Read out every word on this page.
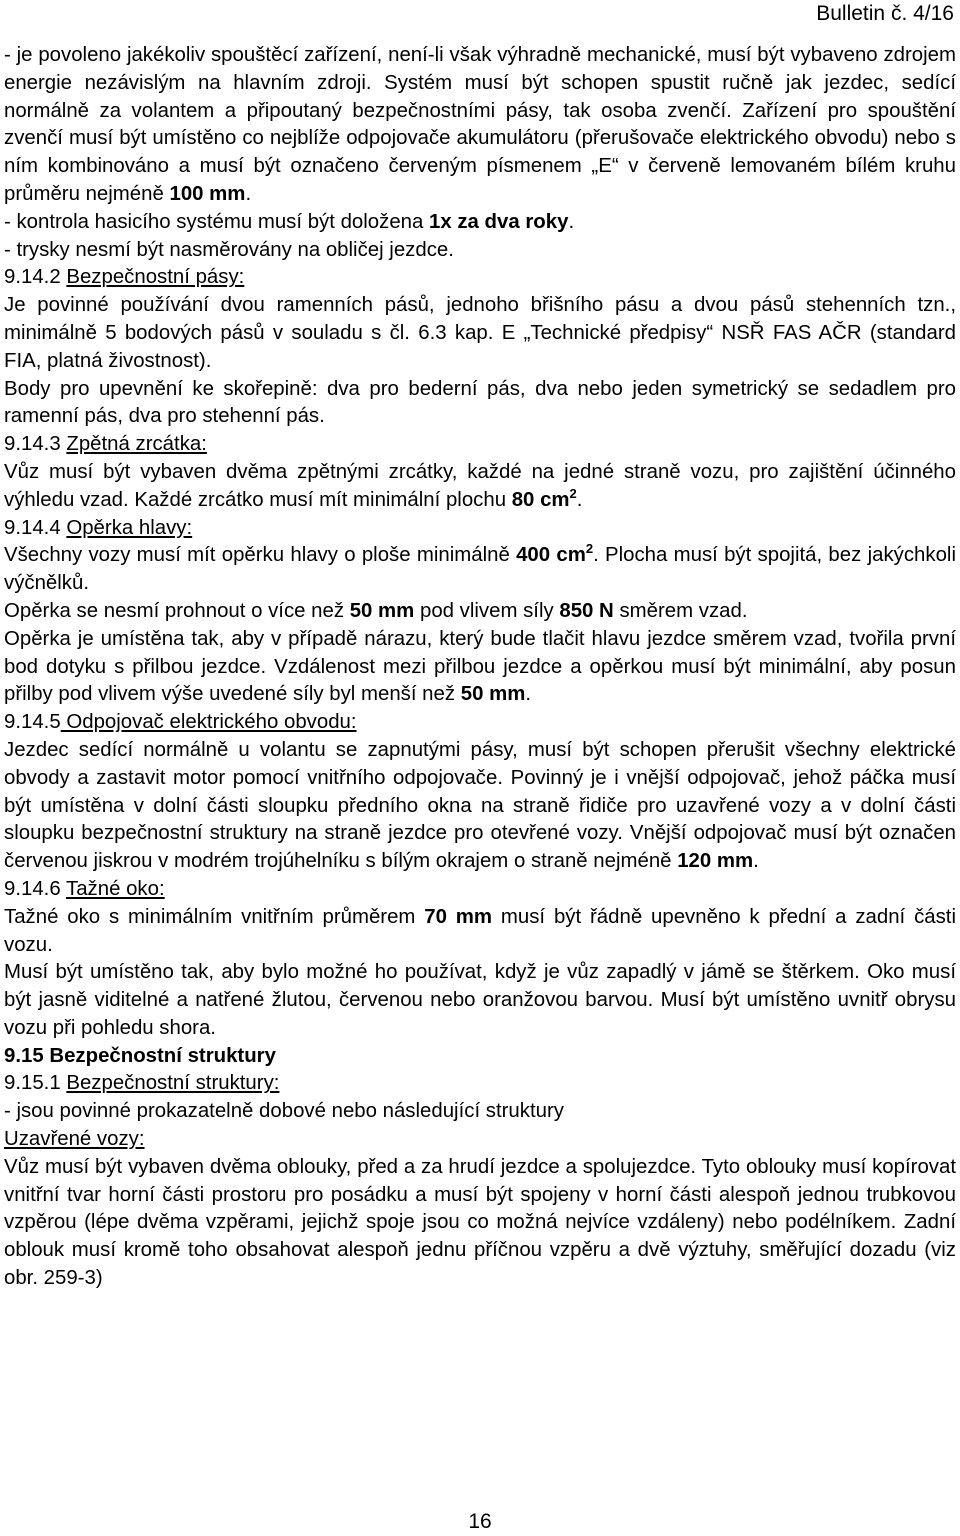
Bulletin č. 4/16

- je povoleno jakékoliv spouštěcí zařízení, není-li však výhradně mechanické, musí být vybaveno zdrojem energie nezávislým na hlavním zdroji. Systém musí být schopen spustit ručně jak jezdec, sedící normálně za volantem a připoutaný bezpečnostními pásy, tak osoba zvenčí. Zařízení pro spouštění zvenčí musí být umístěno co nejblíže odpojovače akumulátoru (přerušovače elektrického obvodu) nebo s ním kombinováno a musí být označeno červeným písmenem „E“ v červeně lemovaném bílém kruhu průměru nejméně 100 mm.

- kontrola hasicího systému musí být doložena 1x za dva roky.

- trysky nesmí být nasměrovány na obličej jezdce.

9.14.2 Bezpečnostní pásy:

Je povinné používání dvou ramenních pásů, jednoho břišního pásu a dvou pásů stehenních tzn., minimálně 5 bodových pásů v souladu s čl. 6.3 kap. E „Technické předpisy“ NSŘ FAS AČR (standard FIA, platná živostnost).

Body pro upevnění ke skořepině: dva pro bederní pás, dva nebo jeden symetrický se sedadlem pro ramenní pás, dva pro stehenní pás.

9.14.3 Zpětná zrcátka:

Vůz musí být vybaven dvěma zpětnými zrcátky, každé na jedné straně vozu, pro zajištění účinného výhledu vzad. Každé zrcátko musí mít minimální plochu 80 $cm^2$.

9.14.4 Opěrka hlavy:

Všechny vozy musí mít opěrku hlavy o ploše minimálně 400 $cm^2$. Plocha musí být spojitá, bez jakýchkoli výčnělků.

Opěrka se nesmí prohnout o více než 50 mm pod vlivem síly 850 N směrem vzad.

Opěrka je umístěna tak, aby v případě nárazu, který bude tlačit hlavu jezdce směrem vzad, tvořila první bod dotyku s přilbou jezdce. Vzdálenost mezi přilbou jezdce a opěrkou musí být minimální, aby posun přilby pod vlivem výše uvedené síly byl menší než 50 mm.

9.14.5 Odpojovač elektrického obvodu:

Jezdec sedící normálně u volantu se zapnutými pásy, musí být schopen přerušit všechny elektrické obvody a zastavit motor pomocí vnitřního odpojovače. Povinný je i vnější odpojovač, jehož páčka musí být umístěna v dolní části sloupku předního okna na straně řidiče pro uzavřené vozy a v dolní části sloupku bezpečnostní struktury na straně jezdce pro otevřené vozy. Vnější odpojovač musí být označen červenou jiskrou v modrém trojúhelníku s bílým okrajem o straně nejméně 120 mm.

9.14.6 Tažné oko:

Tažné oko s minimálním vnitřním průměrem 70 mm musí být řádně upevněno k přední a zadní části vozu.

Musí být umístěno tak, aby bylo možné ho používat, když je vůz zapadlý v jámě se štěrkem. Oko musí být jasně viditelné a natřené žlutou, červenou nebo oranžovou barvou. Musí být umístěno uvnitř obrysu vozu při pohledu shora.

9.15 Bezpečnostní struktury

9.15.1 Bezpečnostní struktury:

- jsou povinné prokazatelně dobové nebo následující struktury

Uzavřené vozy:

Vůz musí být vybaven dvěma oblouky, před a za hrudí jezdce a spolujezdce. Tyto oblouky musí kopírovat vnitřní tvar horní části prostoru pro posádku a musí být spojeny v horní části alespoň jednou trubkovou vzpěrou (lépe dvěma vzpěrami, jejichž spoje jsou co možná nejvíce vzdáleny) nebo podélníkem. Zadní oblouk musí kromě toho obsahovat alespoň jednu příčnou vzpěru a dvě výztuhy, směřující dozadu (viz obr. 259-3)

16
